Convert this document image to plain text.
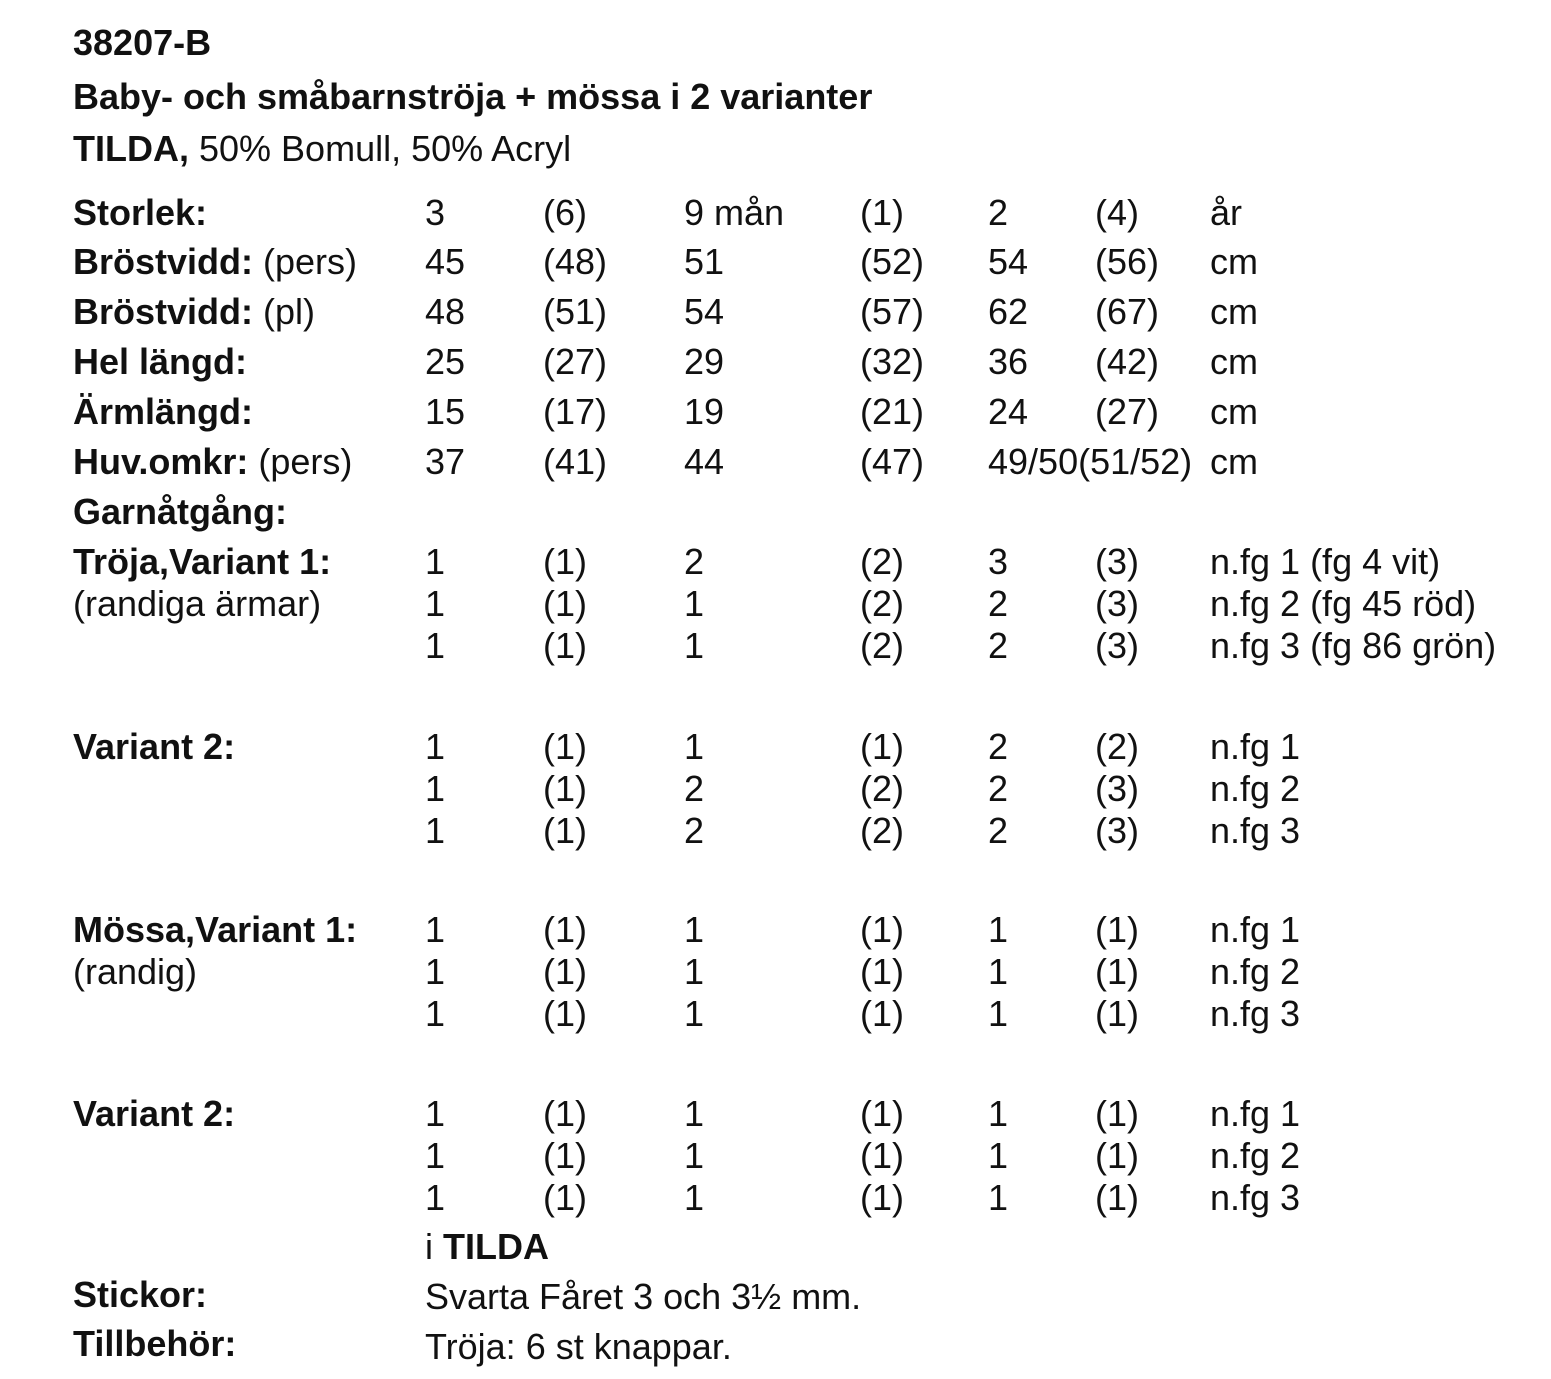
38207-B
Baby- och småbarnströja + mössa i 2 varianter
TILDA, 50% Bomull, 50% Acryl
Storlek:	3	(6)	9 mån (1) 2 (4) år
Bröstvidd: (pers) 45 (48) 51	(52) 54 (56) cm
Bröstvidd: (pl)	48 (51) 54	(57) 62 (67) cm
Hel längd:	25 (27) 29	(32) 36 (42) cm
Ärmlängd:	15 (17) 19	(21) 24 (27) cm
Huv.omkr: (pers) 37 (41) 44	(47) 49/50(51/52) cm
Garnåtgång:
Tröja,Variant 1:	1	(1)	2	(2) 3 (3) n.fg 1 (fg 4 vit)
(randiga ärmar)	1	(1)	1	(2) 2 (3) n.fg 2 (fg 45 röd)
1	(1)	1	(2) 2 (3) n.fg 3 (fg 86 grön)
Variant 2:	1	(1)	1	(1) 2 (2) n.fg 1
1	(1)	2	(2) 2 (3) n.fg 2
1	(1)	2	(2) 2 (3) n.fg 3
Mössa,Variant 1: 1	(1)	1	(1) 1 (1) n.fg 1
(randig)	1	(1)	1	(1) 1 (1) n.fg 2
1	(1)	1	(1) 1 (1) n.fg 3
Variant 2:	1	(1)	1	(1) 1 (1) n.fg 1
1	(1)	1	(1) 1 (1) n.fg 2
1	(1)	1	(1) 1 (1) n.fg 3
i TILDA
Stickor:	Svarta Fåret 3 och 3½ mm.
Tillbehör:	Tröja: 6 st knappar.
